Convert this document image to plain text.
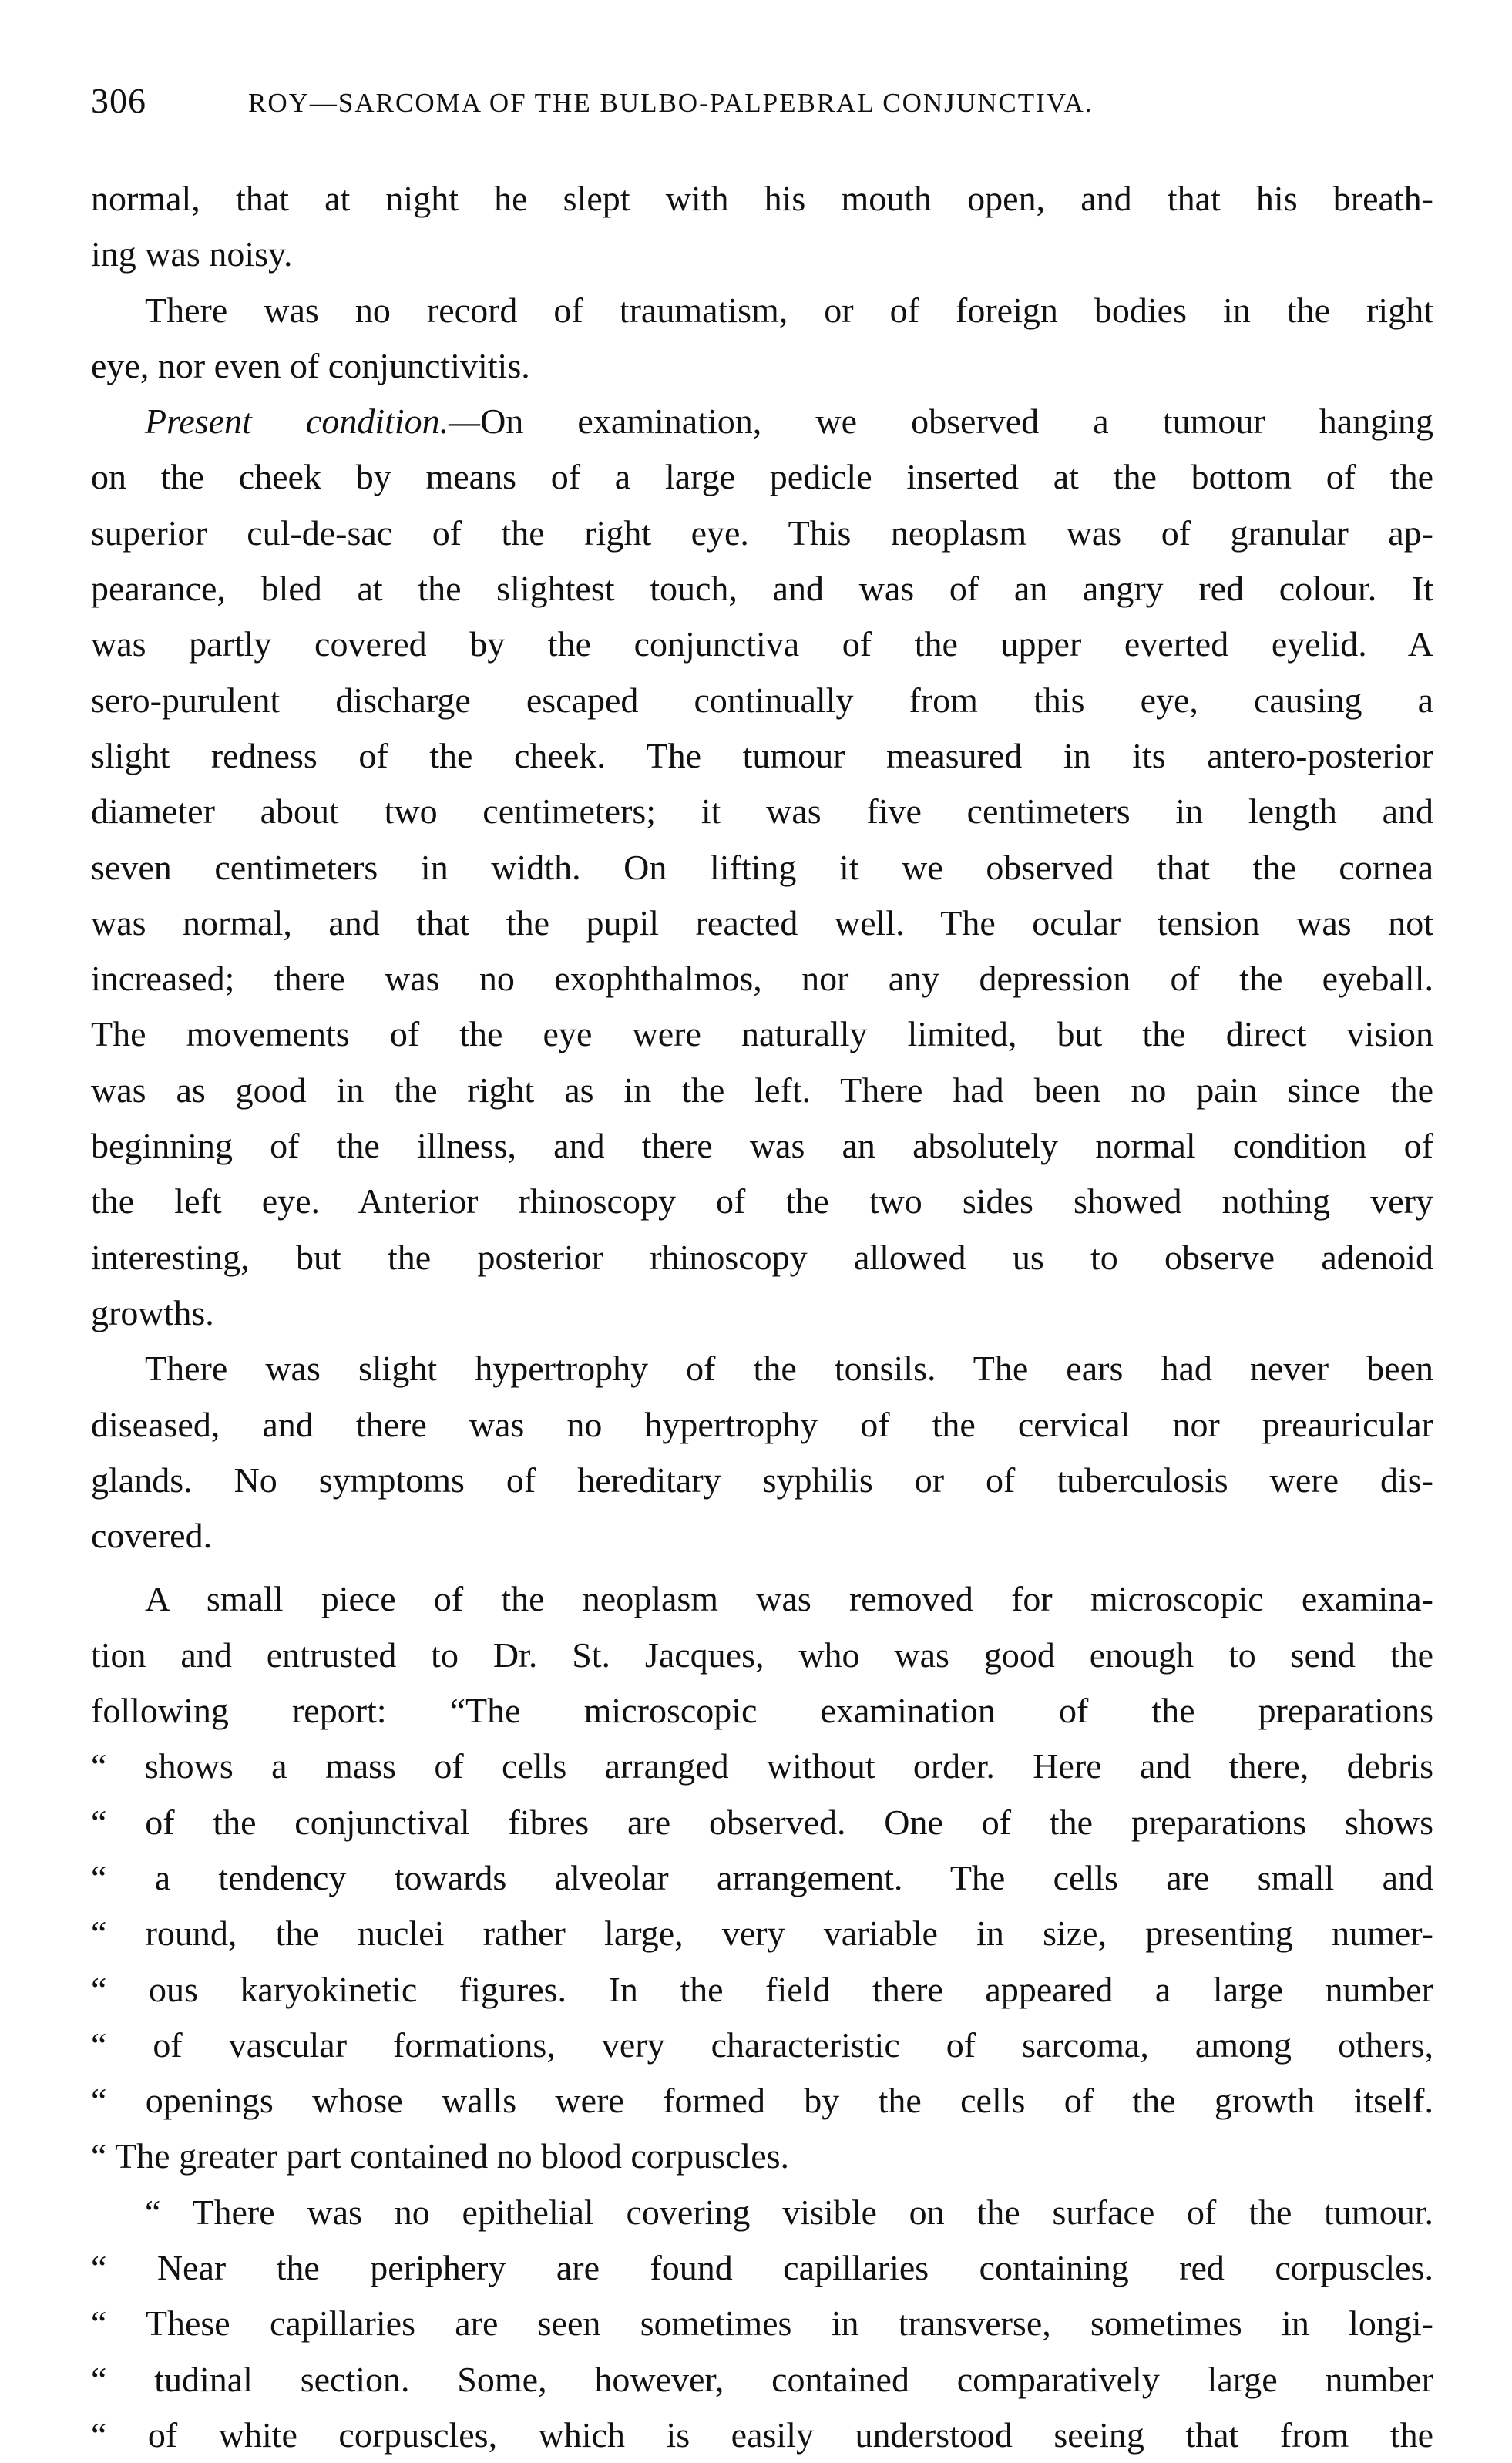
306	ROY—SARCOMA OF THE BULBO-PALPEBRAL CONJUNCTIVA.
normal, that at night he slept with his mouth open, and that his breath-
ing was noisy.
There was no record of traumatism, or of foreign bodies in the right
eye, nor even of conjunctivitis.
Present condition.—On examination, we observed a tumour hanging
on the cheek by means of a large pedicle inserted at the bottom of the
superior cul-de-sac of the right eye. This neoplasm was of granular ap-
pearance, bled at the slightest touch, and was of an angry red colour. It
was partly covered by the conjunctiva of the upper everted eyelid. A
sero-purulent discharge escaped continually from this eye, causing a
slight redness of the cheek. The tumour measured in its antero-posterior
diameter about two centimeters; it was five centimeters in length and
seven centimeters in width. On lifting it we observed that the cornea
was normal, and that the pupil reacted well. The ocular tension was not
increased; there was no exophthalmos, nor any depression of the eyeball.
The movements of the eye were naturally limited, but the direct vision
was as good in the right as in the left. There had been no pain since the
beginning of the illness, and there was an absolutely normal condition of
the left eye. Anterior rhinoscopy of the two sides showed nothing very
interesting, but the posterior rhinoscopy allowed us to observe adenoid
growths.
There was slight hypertrophy of the tonsils. The ears had never been
diseased, and there was no hypertrophy of the cervical nor preauricular
glands. No symptoms of hereditary syphilis or of tuberculosis were dis-
covered.
A small piece of the neoplasm was removed for microscopic examina-
tion and entrusted to Dr. St. Jacques, who was good enough to send the
following report: “The microscopic examination of the preparations
“ shows a mass of cells arranged without order. Here and there, debris
“ of the conjunctival fibres are observed. One of the preparations shows
“ a tendency towards alveolar arrangement. The cells are small and
“ round, the nuclei rather large, very variable in size, presenting numer-
“ ous karyokinetic figures. In the field there appeared a large number
“ of vascular formations, very characteristic of sarcoma, among others,
“ openings whose walls were formed by the cells of the growth itself.
“ The greater part contained no blood corpuscles.
“ There was no epithelial covering visible on the surface of the tumour.
“ Near the periphery are found capillaries containing red corpuscles.
“ These capillaries are seen sometimes in transverse, sometimes in longi-
“ tudinal section. Some, however, contained comparatively large number
“ of white corpuscles, which is easily understood seeing that from the
